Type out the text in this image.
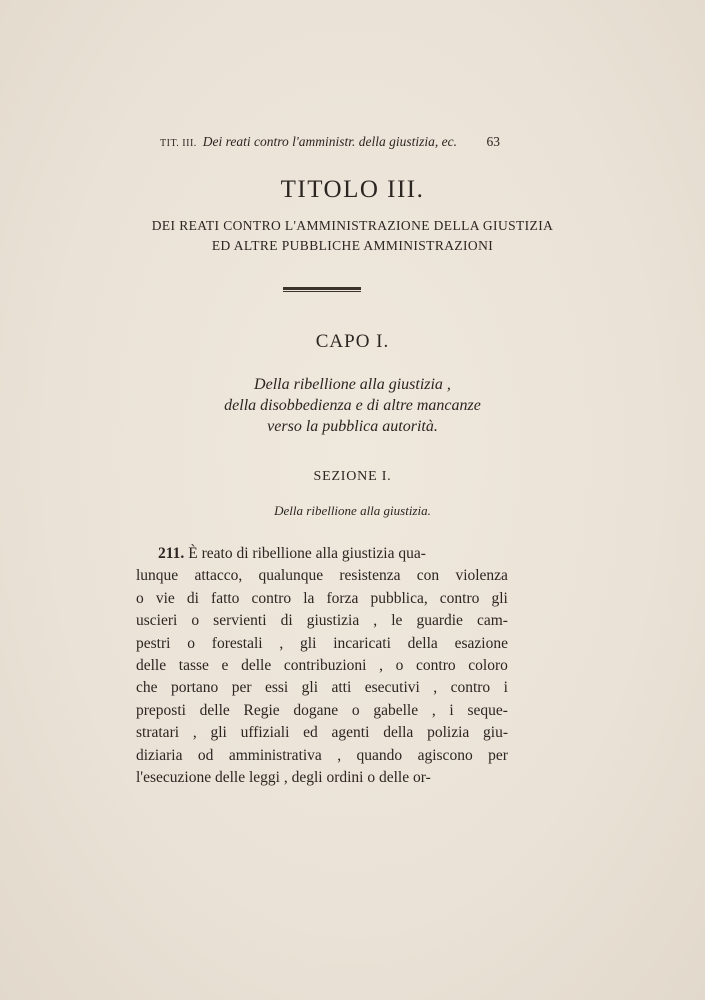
TIT. III. Dei reati contro l'amministr. della giustizia, ec. 63
TITOLO III.
DEI REATI CONTRO L'AMMINISTRAZIONE DELLA GIUSTIZIA
ED ALTRE PUBBLICHE AMMINISTRAZIONI
CAPO I.
Della ribellione alla giustizia ,
della disobbedienza e di altre mancanze
verso la pubblica autorità.
SEZIONE I.
Della ribellione alla giustizia.
211. È reato di ribellione alla giustizia qua-
lunque attacco, qualunque resistenza con violenza
o vie di fatto contro la forza pubblica, contro gli
uscieri o servienti di giustizia , le guardie cam-
pestri o forestali , gli incaricati della esazione
delle tasse e delle contribuzioni , o contro coloro
che portano per essi gli atti esecutivi , contro i
preposti delle Regie dogane o gabelle , i seque-
stratari , gli uffiziali ed agenti della polizia giu-
diziaria od amministrativa , quando agiscono per
l'esecuzione delle leggi , degli ordini o delle or-
